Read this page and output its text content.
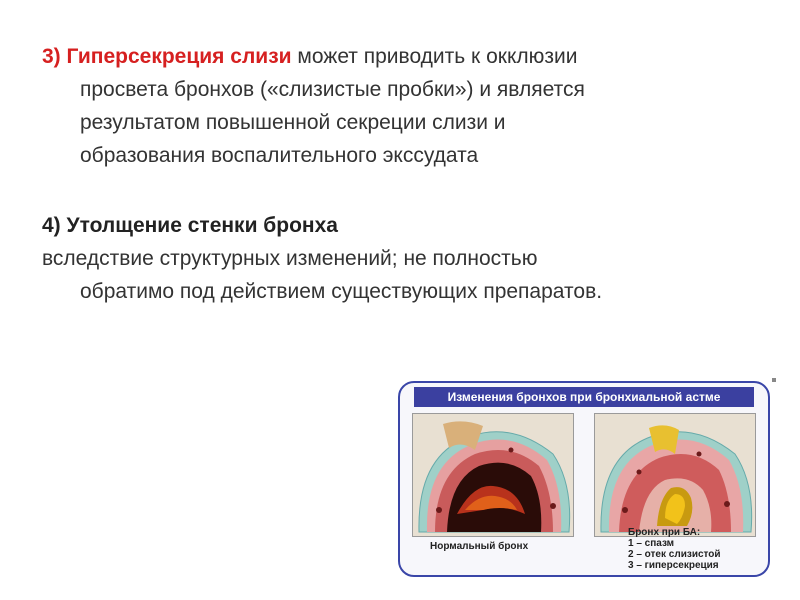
3) Гиперсекреция слизи может приводить к окклюзии
просвета бронхов («слизистые пробки») и является
результатом повышенной секреции слизи и
образования воспалительного экссудата
4) Утолщение стенки бронха
вследствие структурных изменений; не полностью
обратимо под действием существующих препаратов.
Изменения бронхов при бронхиальной астме
Нормальный бронх
Бронх при БА:
1 – спазм
2 – отек слизистой
3 – гиперсекреция
